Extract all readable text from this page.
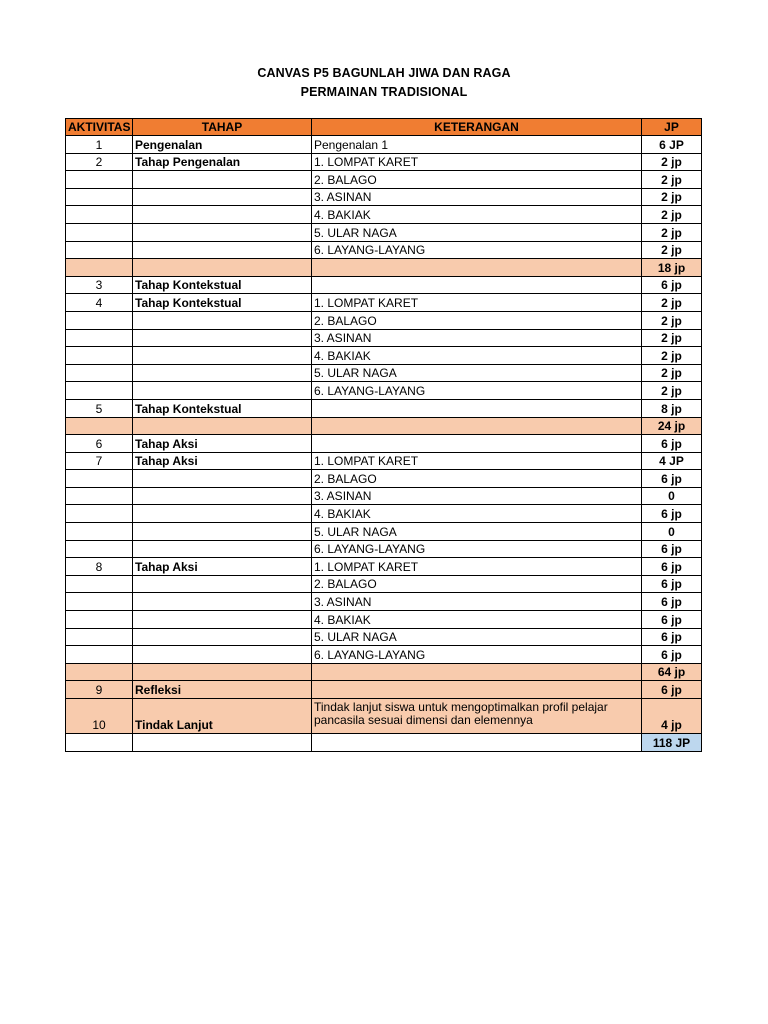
CANVAS P5 BAGUNLAH JIWA DAN RAGA
PERMAINAN TRADISIONAL
AKTIVITAS	TAHAP	KETERANGAN	JP
1	Pengenalan	Pengenalan 1	6 JP
2	Tahap Pengenalan	1. LOMPAT KARET	2 jp
		2. BALAGO	2 jp
		3. ASINAN	2 jp
		4. BAKIAK	2 jp
		5. ULAR NAGA	2 jp
		6. LAYANG-LAYANG	2 jp
			18 jp
3	Tahap Kontekstual		6 jp
4	Tahap Kontekstual	1. LOMPAT KARET	2 jp
		2. BALAGO	2 jp
		3. ASINAN	2 jp
		4. BAKIAK	2 jp
		5. ULAR NAGA	2 jp
		6. LAYANG-LAYANG	2 jp
5	Tahap Kontekstual		8 jp
			24 jp
6	Tahap Aksi		6 jp
7	Tahap Aksi	1. LOMPAT KARET	4 JP
		2. BALAGO	6 jp
		3. ASINAN	0
		4. BAKIAK	6 jp
		5. ULAR NAGA	0
		6. LAYANG-LAYANG	6 jp
8	Tahap Aksi	1. LOMPAT KARET	6 jp
		2. BALAGO	6 jp
		3. ASINAN	6 jp
		4. BAKIAK	6 jp
		5. ULAR NAGA	6 jp
		6. LAYANG-LAYANG	6 jp
			64 jp
9	Refleksi		6 jp
10	Tindak Lanjut	Tindak lanjut siswa untuk mengoptimalkan profil pelajar pancasila sesuai dimensi dan elemennya	4 jp
			118 JP
